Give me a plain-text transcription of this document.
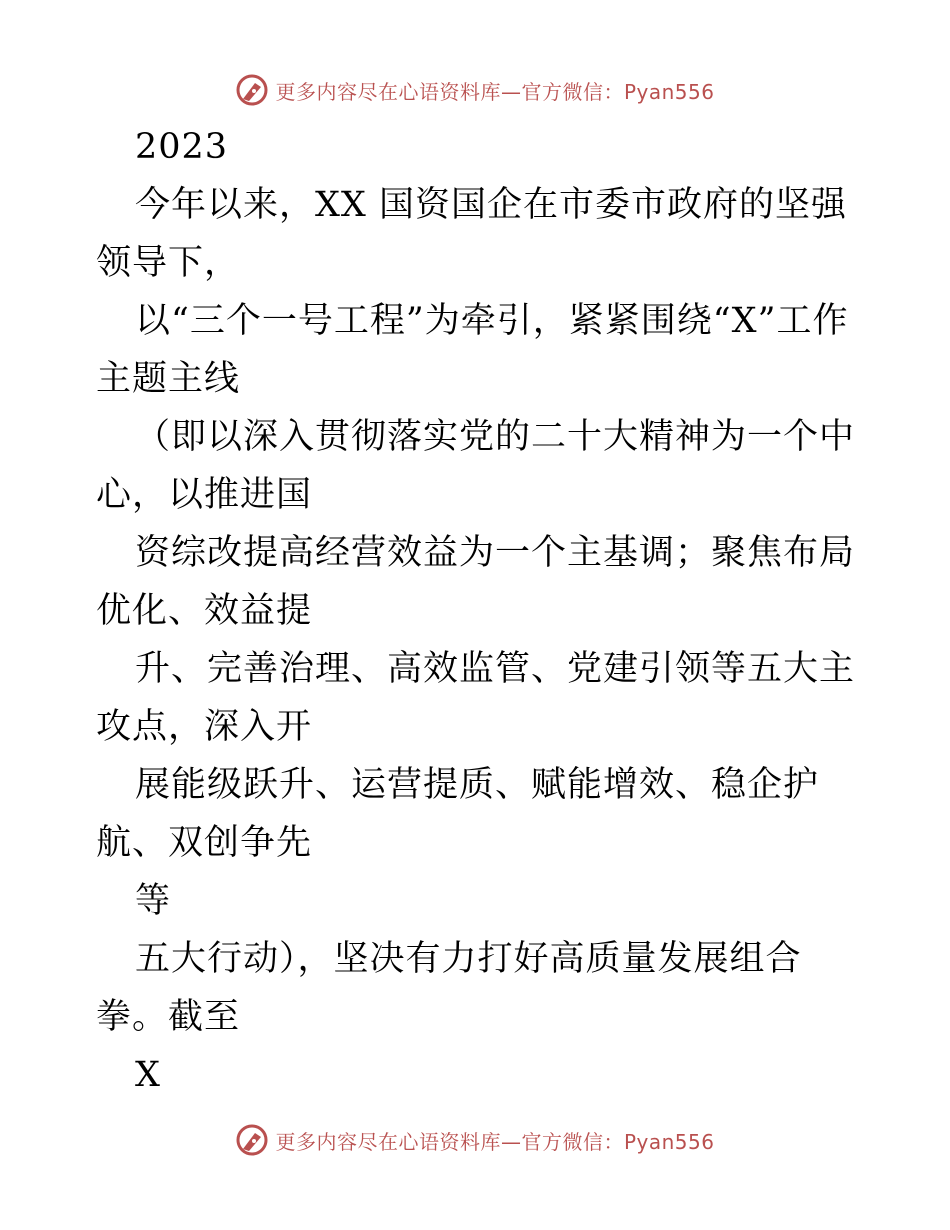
更多内容尽在心语资料库—官方微信：Pyan556

2023

今年以来，XX 国资国企在市委市政府的坚强领导下，

以“三个一号工程”为牵引，紧紧围绕“X”工作主题主线

（即以深入贯彻落实党的二十大精神为一个中心，以推进国

资综改提高经营效益为一个主基调；聚焦布局优化、效益提

升、完善治理、高效监管、党建引领等五大主攻点，深入开

展能级跃升、运营提质、赋能增效、稳企护航、双创争先

等

五大行动），坚决有力打好高质量发展组合拳。截至

X

更多内容尽在心语资料库—官方微信：Pyan556
